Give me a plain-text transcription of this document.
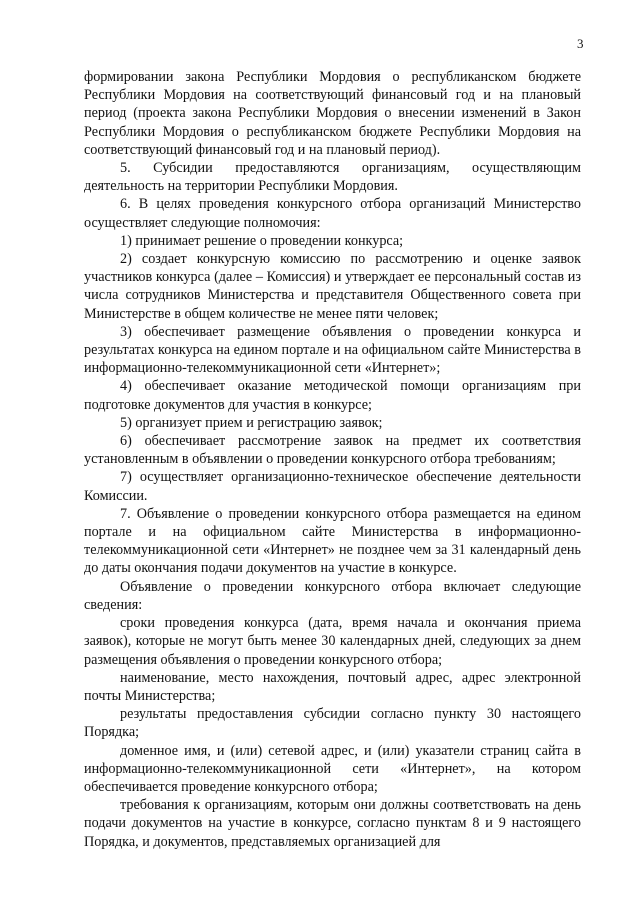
3

формировании закона Республики Мордовия о республиканском бюджете Республики Мордовия на соответствующий финансовый год и на плановый период (проекта закона Республики Мордовия о внесении изменений в Закон Республики Мордовия о республиканском бюджете Республики Мордовия на соответствующий финансовый год и на плановый период).

5. Субсидии предоставляются организациям, осуществляющим деятельность на территории Республики Мордовия.

6. В целях проведения конкурсного отбора организаций Министерство осуществляет следующие полномочия:

1) принимает решение о проведении конкурса;

2) создает конкурсную комиссию по рассмотрению и оценке заявок участников конкурса (далее – Комиссия) и утверждает ее персональный состав из числа сотрудников Министерства и представителя Общественного совета при Министерстве в общем количестве не менее пяти человек;

3) обеспечивает размещение объявления о проведении конкурса и результатах конкурса на едином портале и на официальном сайте Министерства в информационно-телекоммуникационной сети «Интернет»;

4) обеспечивает оказание методической помощи организациям при подготовке документов для участия в конкурсе;

5) организует прием и регистрацию заявок;

6) обеспечивает рассмотрение заявок на предмет их соответствия установленным в объявлении о проведении конкурсного отбора требованиям;

7) осуществляет организационно-техническое обеспечение деятельности Комиссии.

7. Объявление о проведении конкурсного отбора размещается на едином портале и на официальном сайте Министерства в информационно-телекоммуникационной сети «Интернет» не позднее чем за 31 календарный день до даты окончания подачи документов на участие в конкурсе.

Объявление о проведении конкурсного отбора включает следующие сведения:

сроки проведения конкурса (дата, время начала и окончания приема заявок), которые не могут быть менее 30 календарных дней, следующих за днем размещения объявления о проведении конкурсного отбора;

наименование, место нахождения, почтовый адрес, адрес электронной почты Министерства;

результаты предоставления субсидии согласно пункту 30 настоящего Порядка;

доменное имя, и (или) сетевой адрес, и (или) указатели страниц сайта в информационно-телекоммуникационной сети «Интернет», на котором обеспечивается проведение конкурсного отбора;

требования к организациям, которым они должны соответствовать на день подачи документов на участие в конкурсе, согласно пунктам 8 и 9 настоящего Порядка, и документов, представляемых организацией для
